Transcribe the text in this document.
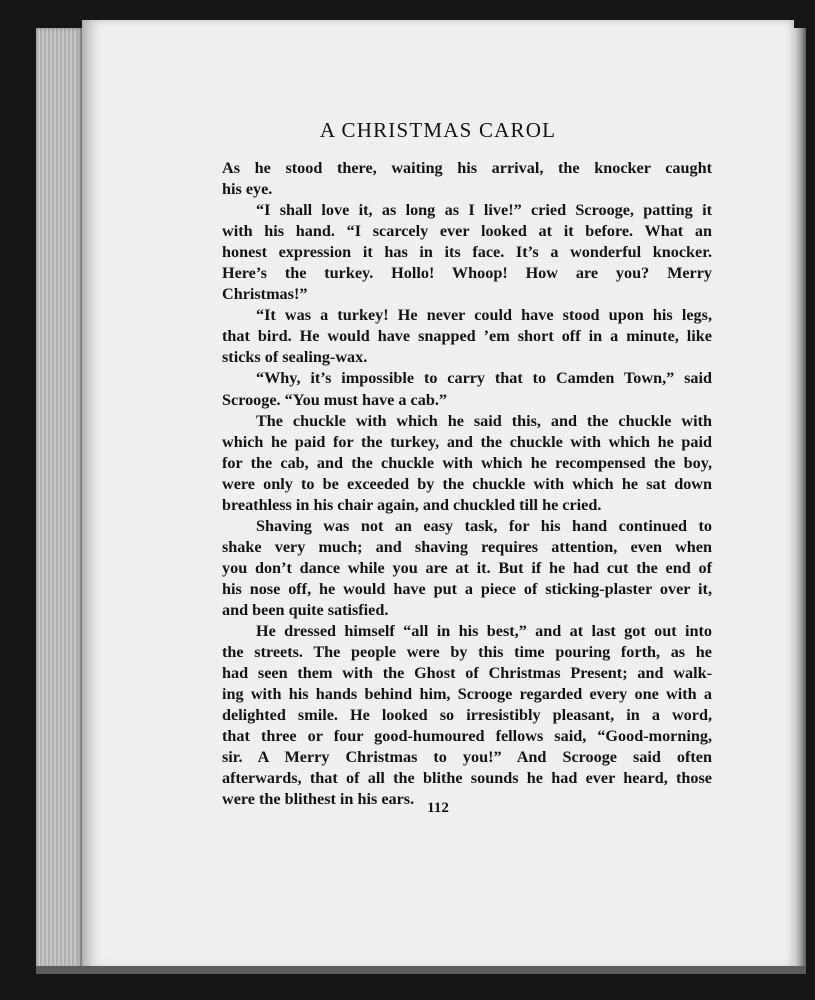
A CHRISTMAS CAROL
As he stood there, waiting his arrival, the knocker caught
his eye.
“I shall love it, as long as I live!” cried Scrooge, patting it
with his hand. “I scarcely ever looked at it before. What an
honest expression it has in its face. It’s a wonderful knocker.
Here’s the turkey. Hollo! Whoop! How are you? Merry
Christmas!”
“It was a turkey! He never could have stood upon his legs,
that bird. He would have snapped ’em short off in a minute, like
sticks of sealing-wax.
“Why, it’s impossible to carry that to Camden Town,” said
Scrooge. “You must have a cab.”
The chuckle with which he said this, and the chuckle with
which he paid for the turkey, and the chuckle with which he paid
for the cab, and the chuckle with which he recompensed the boy,
were only to be exceeded by the chuckle with which he sat down
breathless in his chair again, and chuckled till he cried.
Shaving was not an easy task, for his hand continued to
shake very much; and shaving requires attention, even when
you don’t dance while you are at it. But if he had cut the end of
his nose off, he would have put a piece of sticking-plaster over it,
and been quite satisfied.
He dressed himself “all in his best,” and at last got out into
the streets. The people were by this time pouring forth, as he
had seen them with the Ghost of Christmas Present; and walk-
ing with his hands behind him, Scrooge regarded every one with a
delighted smile. He looked so irresistibly pleasant, in a word,
that three or four good-humoured fellows said, “Good-morning,
sir. A Merry Christmas to you!” And Scrooge said often
afterwards, that of all the blithe sounds he had ever heard, those
were the blithest in his ears. 112
